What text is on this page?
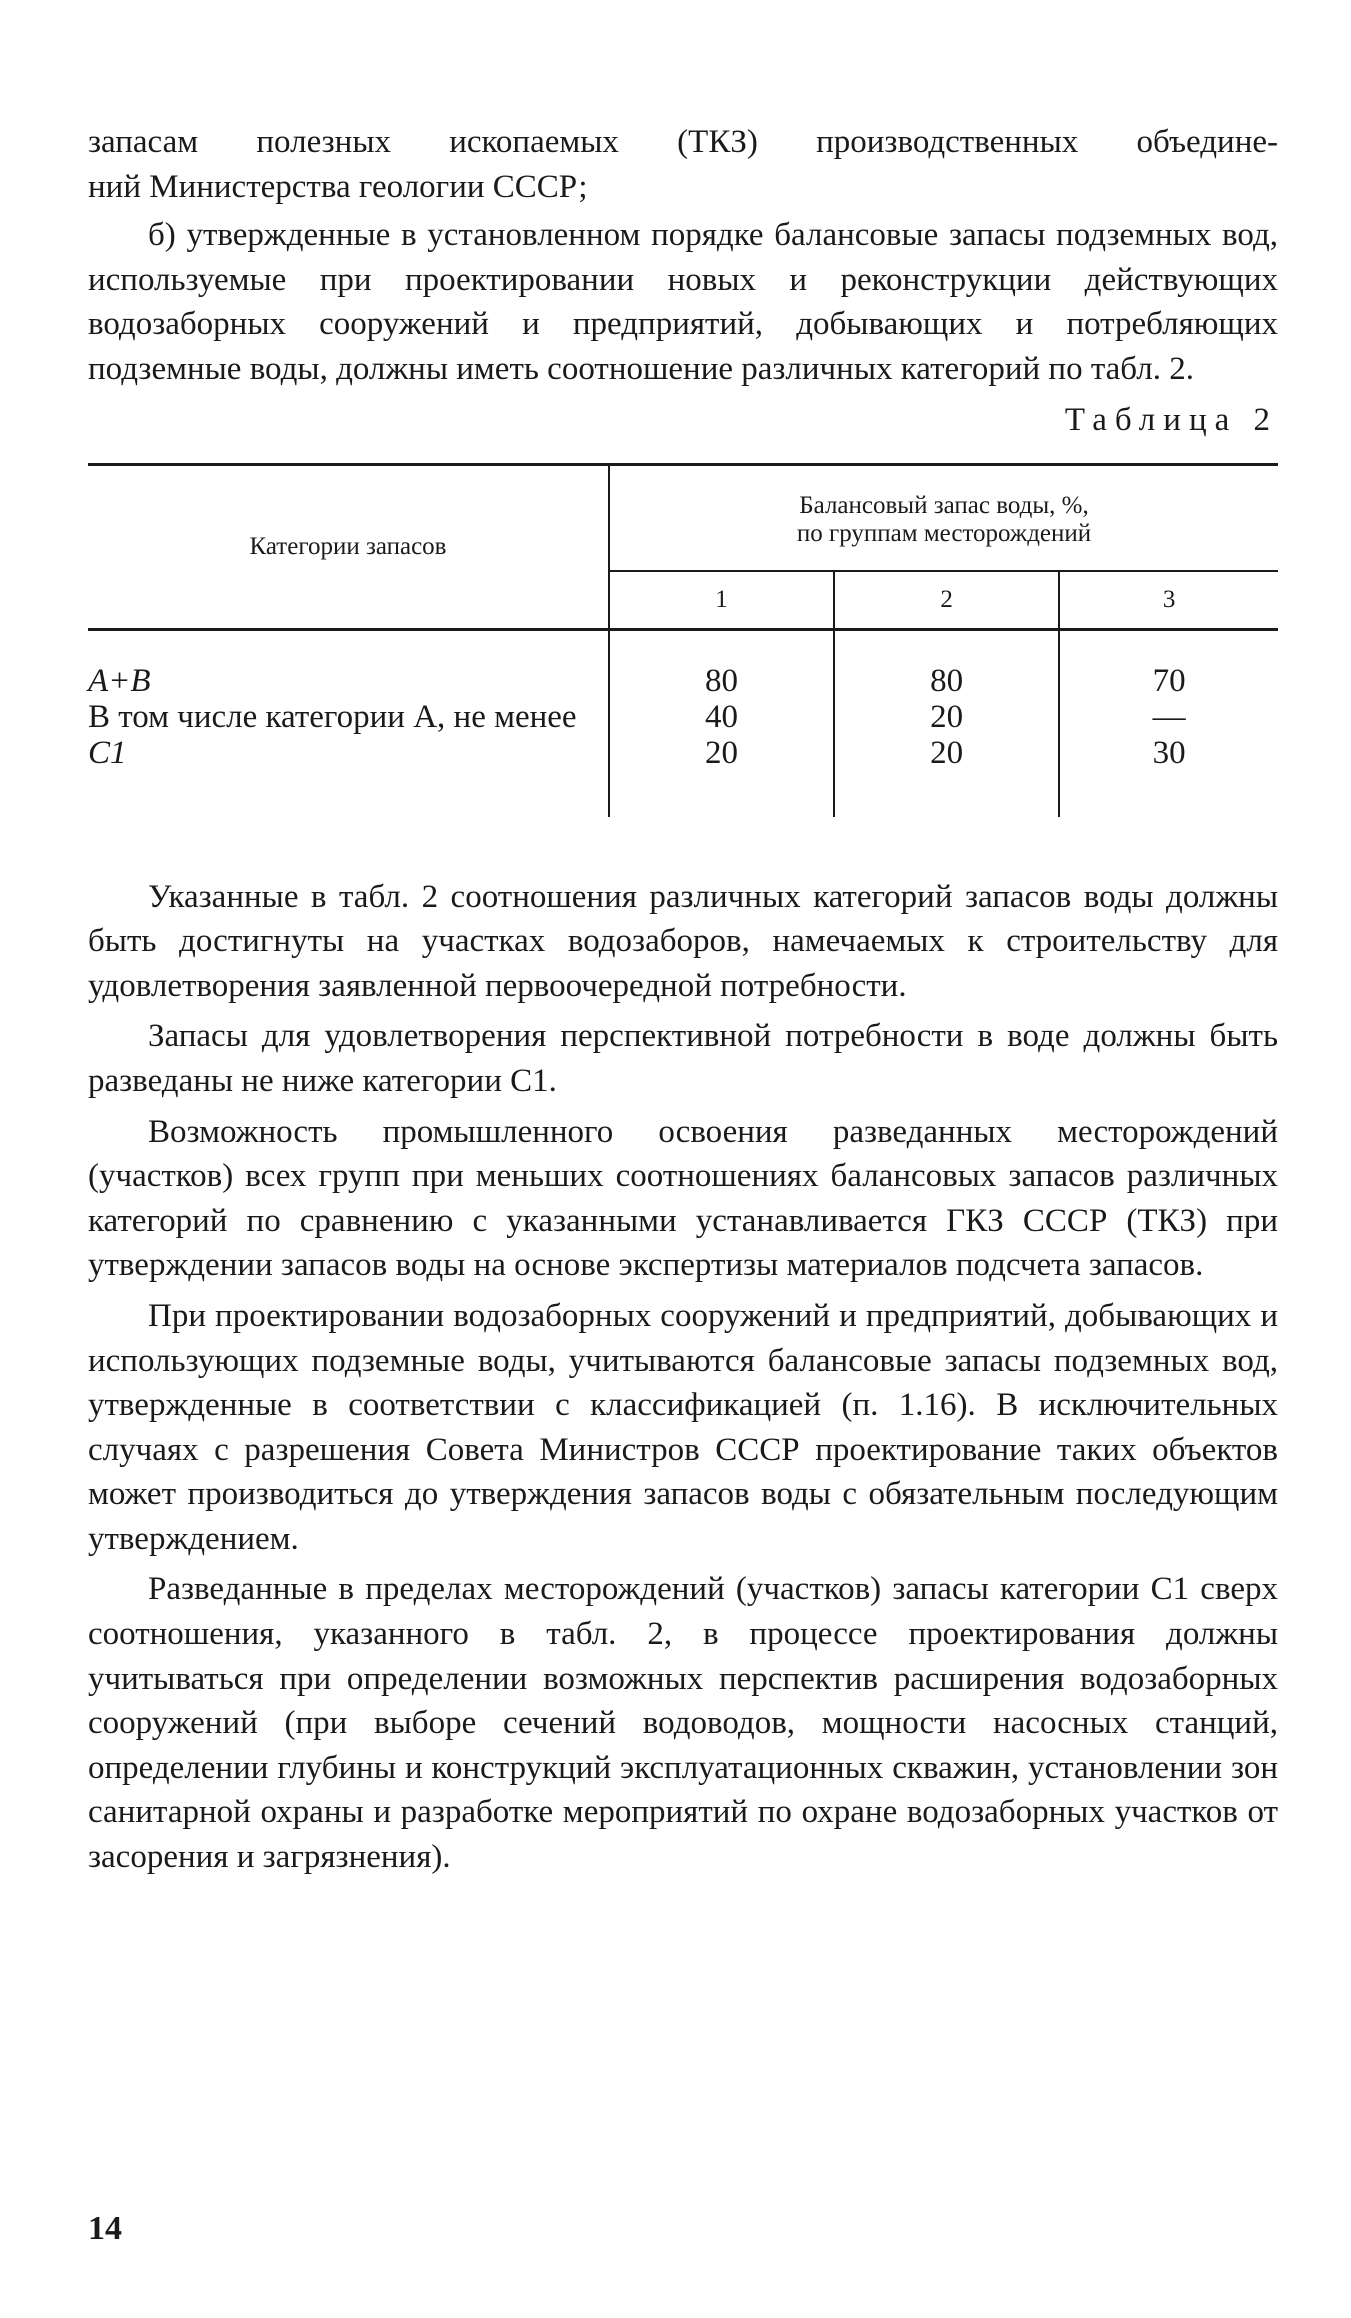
запасам полезных ископаемых (ТКЗ) производственных объедине-

ний Министерства геологии СССР;

б) утвержденные в установленном порядке балансовые запасы подземных вод, используемые при проектировании новых и реконструкции действующих водозаборных сооружений и предприятий, добывающих и потребляющих подземные воды, должны иметь соотношение различных категорий по табл. 2.

Таблица 2
Категории запасов	Балансовый запас воды, %,
по группам месторождений		
	1	2	3
А+В	80	80	70
В том числе категории А, не менее	40	20	—
С1	20	20	30

Указанные в табл. 2 соотношения различных категорий запасов воды должны быть достигнуты на участках водозаборов, намечаемых к строительству для удовлетворения заявленной первоочередной потребности.

Запасы для удовлетворения перспективной потребности в воде должны быть разведаны не ниже категории С1.

Возможность промышленного освоения разведанных месторождений (участков) всех групп при меньших соотношениях балансовых запасов различных категорий по сравнению с указанными устанавливается ГКЗ СССР (ТКЗ) при утверждении запасов воды на основе экспертизы материалов подсчета запасов.

При проектировании водозаборных сооружений и предприятий, добывающих и использующих подземные воды, учитываются балансовые запасы подземных вод, утвержденные в соответствии с классификацией (п. 1.16). В исключительных случаях с разрешения Совета Министров СССР проектирование таких объектов может производиться до утверждения запасов воды с обязательным последующим утверждением.

Разведанные в пределах месторождений (участков) запасы категории С1 сверх соотношения, указанного в табл. 2, в процессе проектирования должны учитываться при определении возможных перспектив расширения водозаборных сооружений (при выборе сечений водоводов, мощности насосных станций, определении глубины и конструкций эксплуатационных скважин, установлении зон санитарной охраны и разработке мероприятий по охране водозаборных участков от засорения и загрязнения).

14
